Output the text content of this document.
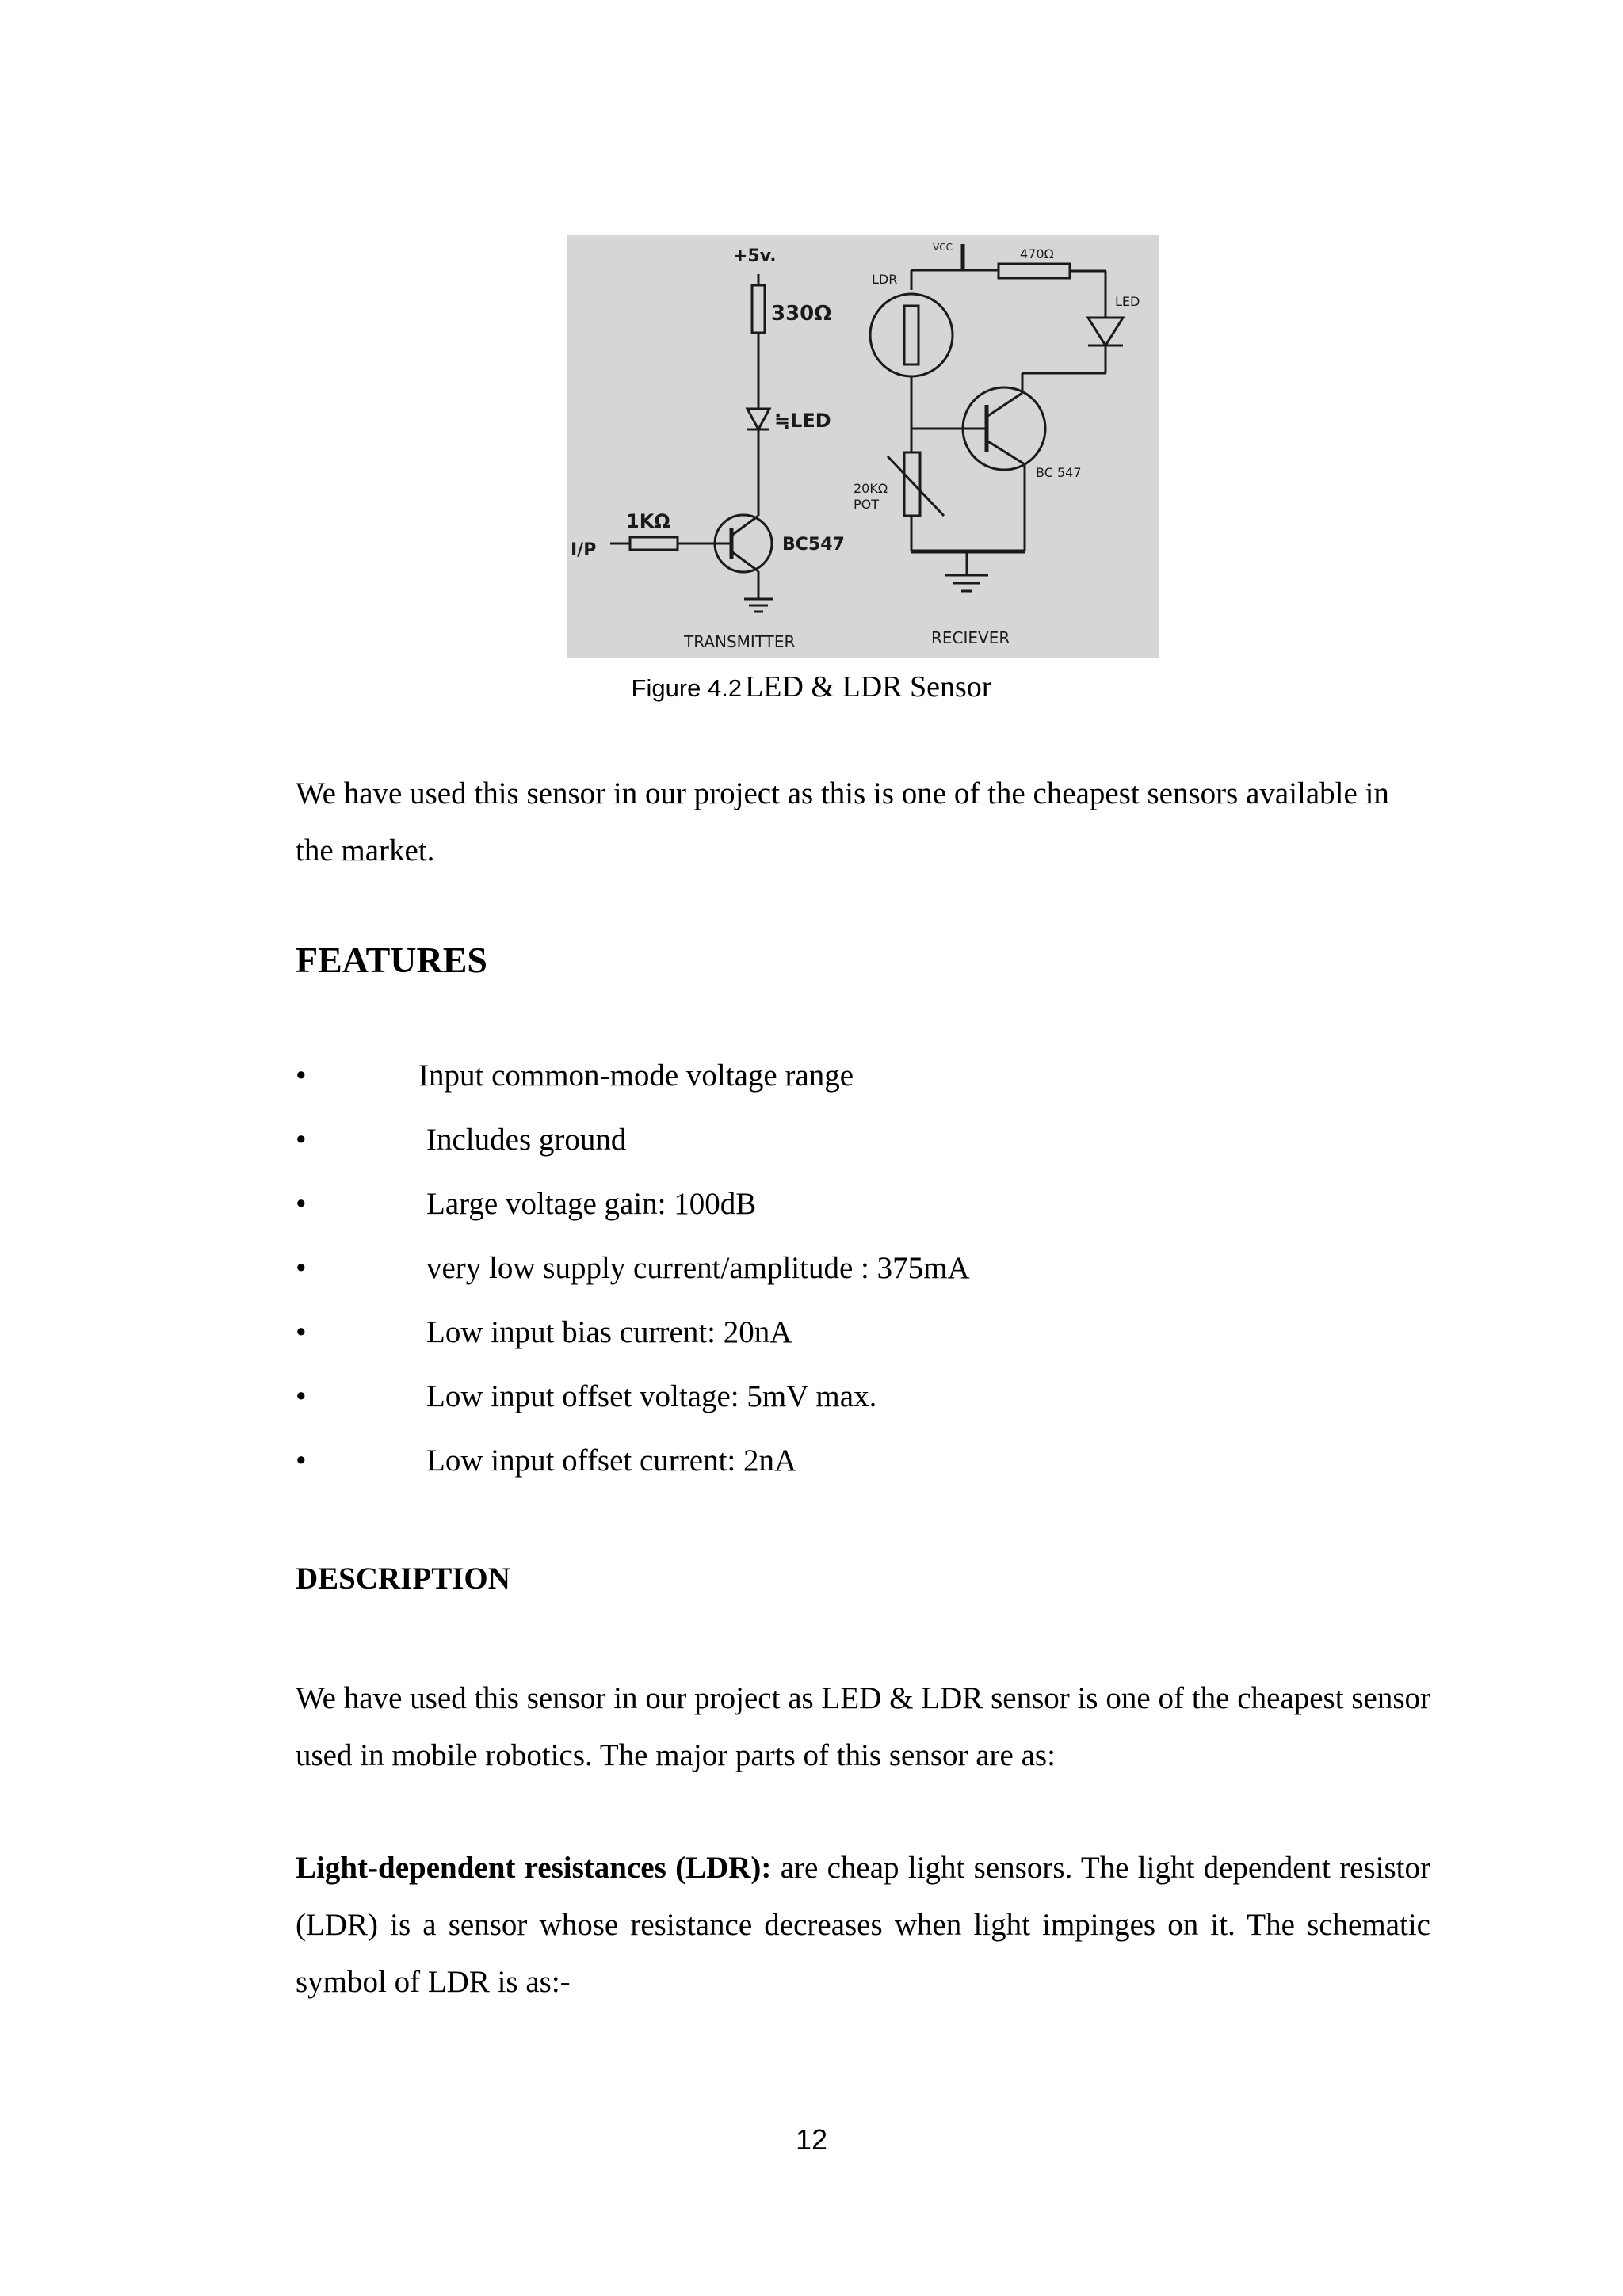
+5v.
330Ω
≒LED
1KΩ
I/P	BC547
TRANSMITTER
VCC	470Ω
LDR
LED
20KΩ
POT
BC 547
RECIEVER
Figure 4.2 LED & LDR Sensor

We have used this sensor in our project as this is one of the cheapest sensors available in the market.

FEATURES
•	Input common-mode voltage range
•	Includes ground
•	Large voltage gain: 100dB
•	very low supply current/amplitude : 375mA
•	Low input bias current: 20nA
•	Low input offset voltage: 5mV max.
•	Low input offset current: 2nA
DESCRIPTION

We have used this sensor in our project as LED & LDR sensor is one of the cheapest sensor used in mobile robotics. The major parts of this sensor are as:

Light-dependent resistances (LDR): are cheap light sensors. The light dependent resistor (LDR) is a sensor whose resistance decreases when light impinges on it. The schematic symbol of LDR is as:-

12
